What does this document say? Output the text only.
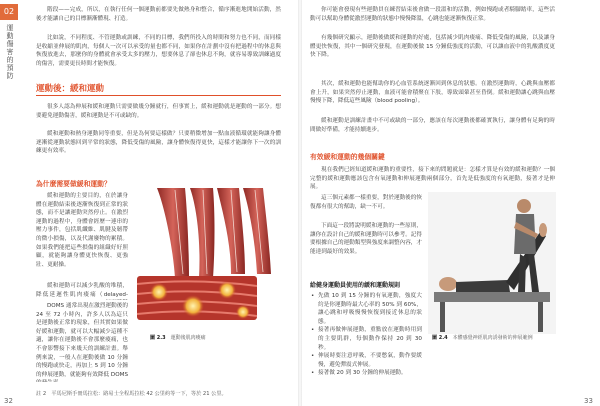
02
運動傷害的預防

階段——完成，所以，在執行任何一個運動前都要先做熱身和整合，循序漸進地開始活動，然後才能讓自己的目標漸漸體現、打造。

比如說，不同程度、不管運動或訓練，不同的目標，我們所投入的時間和努力也不同，而同樣是收縮並伸展的肌肉，每個人一次可以承受的量也都不同，如果你在計劃中沒有把過程中的休息與恢復放進去，那麼你的身體就會承受太多的壓力，想要休息了卻也休息不夠，就容易導致訓練過度的傷害，需要更長時間才能恢復。

運動後：緩和運動

很多人認為伸展和緩和運動只需要做幾分鐘就行，但事實上，緩和運動就是運動的一部分。想要避免運動傷害，緩和運動是不可或缺的。

緩和運動和熱身運動同等重要，但是為何要這樣做？只要稍微增加一點血液循環就能夠讓身體逐漸從運動狀態回到平常的狀態，降低受傷的風險，讓身體恢復得更快，這樣才能讓你下一次的訓練更有效率。

為什麼需要做緩和運動？

緩和運動的主要目的，在於讓身體在運動結束後逐漸恢復到正常的狀態，而不是讓運動突然停止。在激烈運動的過程中，身體會經歷一連串的壓力事件，包括肌纖維、肌腱及韌帶的微小損傷，以及代謝廢物的累積。如果我們能把這些損傷的組織好好照顧，就能夠讓身體更快恢復、更強壯、更耐操。

緩和運動可以減少乳酸的堆積，降低延遲性肌肉痠痛（delayed-

DOMS 通常出現在激烈運動後的 24 至 72 小時內，許多人以為這只是運動後正常的現象，但其實如果做好緩和運動，就可以大幅減少這種不適，讓你在運動後不會那麼痠痛，也不會影響接下來幾天的訓練計畫。舉例來說，一般人在運動後做 10 分鐘的慢跑或快走，再加上 5 到 10 分鐘的伸展運動，就能夠有效降低 DOMS

圖 2.3 運動後肌肉痠痛
註 2　平馬尼斯手冊馬拉松：路易士全程馬拉松 42 公里約等一下，等於 21 公里。
32

你可能會發現有些運動員在練習結束後會做一段溫和的活動，例如慢跑或者騎腳踏車，這些活動可以幫助身體從激烈運動的狀態中慢慢降溫，心跳也能逐漸恢復正常。

有幾個研究顯示，運動後做緩和運動的好處，包括減少肌肉痠痛、降低受傷的風險，以及讓身體更快恢復，其中一個研究發現，在運動後做 15 分鐘低強度的活動，可以讓血液中的乳酸濃度更快下降。

其次，緩和運動也能幫助你的心血管系統逐漸回到休息的狀態。在激烈運動時，心跳與血壓都會上升，如果突然停止運動，血液可能會積聚在下肢，導致頭暈甚至昏倒。緩和運動讓心跳與血壓慢慢下降，降低這些風險（blood pooling）。

緩和運動是訓練計畫中不可或缺的一部分，應該在每次運動後都確實執行，讓身體有足夠的時間做好準備，才能持續進步。

有效緩和運動的幾個關鍵

現在我們已經知道緩和運動的重要性，接下來的問題就是：怎樣才算是有效的緩和運動？一個完整的緩和運動應該包含有氧運動和伸展運動兩個部分，首先是低強度的有氧運動，接著才是伸展。

這三個元素都一樣重要，對於運動後的恢復都有很大的幫助，缺一不可。

下面這一段將說明緩和運動的一些原則，讓你在設計自己的緩和運動時可以參考。記得要根據自己的運動類型與強度來調整內容，才能達到最好的效果。

給健身運動員使用的緩和運動規則
• 先做 10 到 15 分鐘的有氧運動，強度大約是你運動時最大心率的 50% 到 60%，讓心跳和呼吸慢慢恢復到接近休息的狀態。
• 接著再做伸展運動，重點放在運動時用到的主要肌群，每個動作保持 20 到 30 秒。
• 伸展時要注意呼吸，不要憋氣，動作要緩慢，避免彈震式伸展。
• 接著做 20 到 30 分鐘的伸展運動。
圖 2.4 本體感覺神經肌肉誘發術的伸展範例
33
